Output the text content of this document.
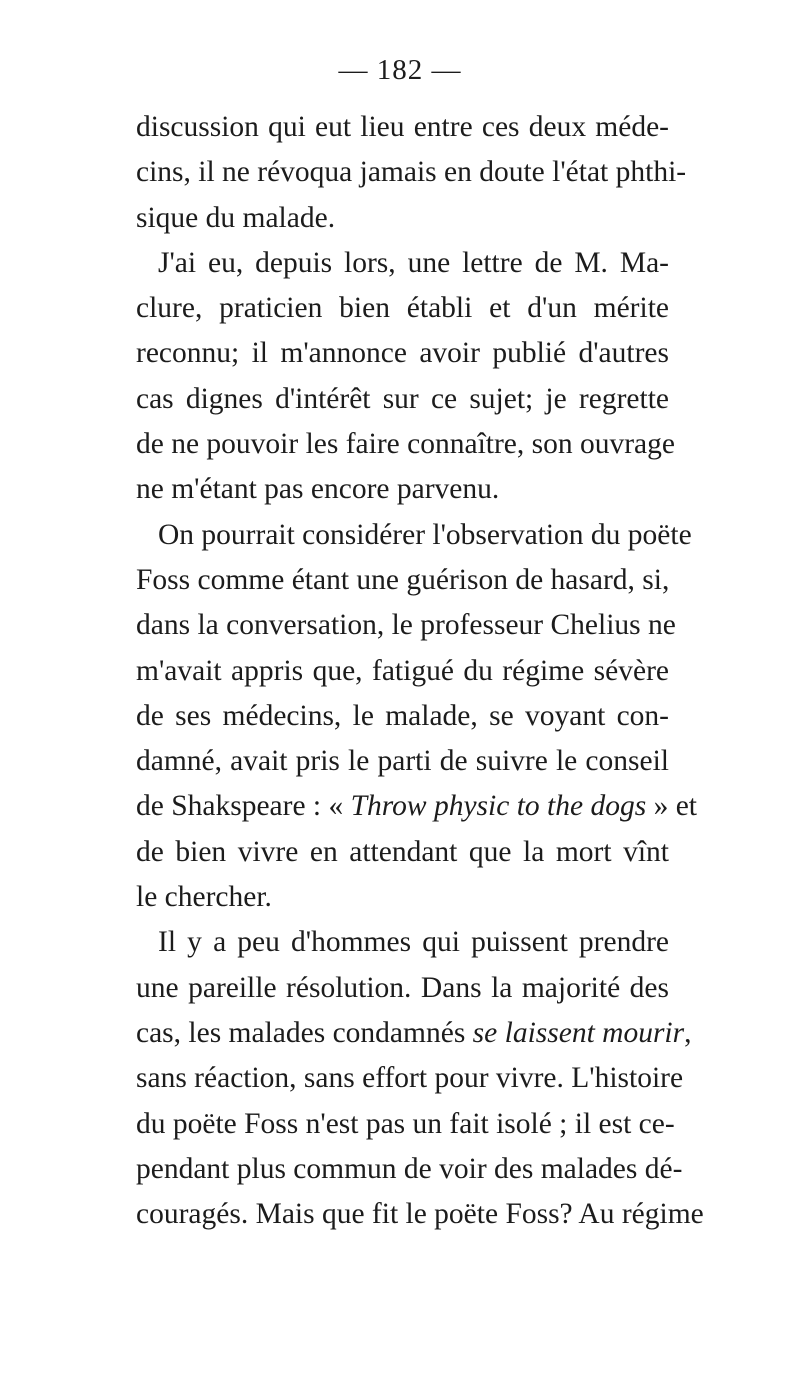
— 182 —
discussion qui eut lieu entre ces deux méde-
cins, il ne révoqua jamais en doute l'état phthi-
sique du malade.
J'ai eu, depuis lors, une lettre de M. Ma-
clure, praticien bien établi et d'un mérite
reconnu; il m'annonce avoir publié d'autres
cas dignes d'intérêt sur ce sujet; je regrette
de ne pouvoir les faire connaître, son ouvrage
ne m'étant pas encore parvenu.
On pourrait considérer l'observation du poëte
Foss comme étant une guérison de hasard, si,
dans la conversation, le professeur Chelius ne
m'avait appris que, fatigué du régime sévère
de ses médecins, le malade, se voyant con-
damné, avait pris le parti de suivre le conseil
de Shakspeare : « Throw physic to the dogs » et
de bien vivre en attendant que la mort vînt
le chercher.
Il y a peu d'hommes qui puissent prendre
une pareille résolution. Dans la majorité des
cas, les malades condamnés se laissent mourir,
sans réaction, sans effort pour vivre. L'histoire
du poëte Foss n'est pas un fait isolé ; il est ce-
pendant plus commun de voir des malades dé-
couragés. Mais que fit le poëte Foss? Au régime
